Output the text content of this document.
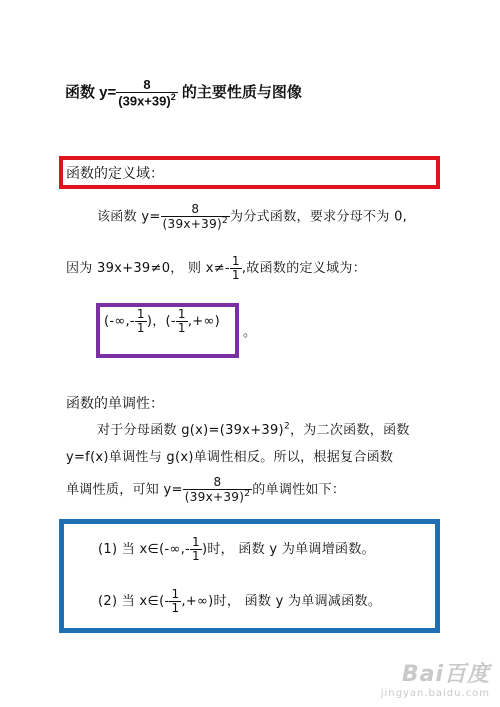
函数 $y= \frac{8}{(39x+39)^2}$ 的主要性质与图像
函数的定义域：
该函数 $y= \frac{8}{(39x+39)^2}$ 为分式函数，要求分母不为 0,
因为 39x+39≠0， 则 $x\ne- \frac{1}{1}$ ,故函数的定义域为：
(-∞,- $\frac{1}{1}$ )，(- $\frac{1}{1}$ ,+∞)
。
函数的单调性：
对于分母函数 $g(x)=(39x+39)^2$，为二次函数，函数
y=f(x)单调性与 g(x)单调性相反。所以，根据复合函数
单调性质，可知 $y= \frac{8}{(39x+39)^2}$ 的单调性如下：
(1) 当 x∈(-∞,- $\frac{1}{1}$ )时， 函数 y 为单调增函数。
(2) 当 x∈(- $\frac{1}{1}$ ,+∞)时， 函数 y 为单调减函数。
Bai百度
jingyan.baidu.com
